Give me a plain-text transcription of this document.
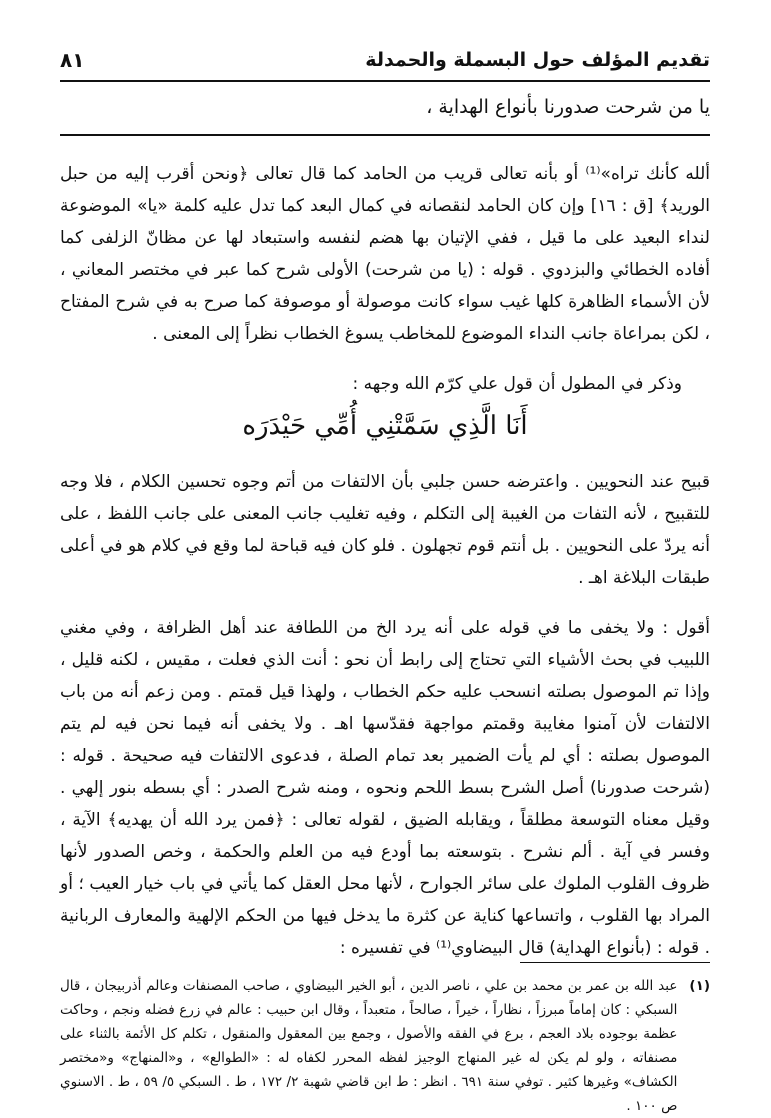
تقديم المؤلف حول البسملة والحمدلة
٨١
يا من شرحت صدورنا بأنواع الهداية ،

ألله كأنك تراه»⁽¹⁾ أو بأنه تعالى قريب من الحامد كما قال تعالى ﴿ونحن أقرب إليه من حبل الوريد﴾ [ق : ١٦] وإن كان الحامد لنقصانه في كمال البعد كما تدل عليه كلمة «يا» الموضوعة لنداء البعيد على ما قيل ، ففي الإتيان بها هضم لنفسه واستبعاد لها عن مظانّ الزلفى كما أفاده الخطائي والبزدوي . قوله : (يا من شرحت) الأولى شرح كما عبر في مختصر المعاني ، لأن الأسماء الظاهرة كلها غيب سواء كانت موصولة أو موصوفة كما صرح به في شرح المفتاح ، لكن بمراعاة جانب النداء الموضوع للمخاطب يسوغ الخطاب نظراً إلى المعنى .

وذكر في المطول أن قول علي كرّم الله وجهه :

أَنَا الَّذِي سَمَّتْنِي أُمِّي حَيْدَرَه

قبيح عند النحويين . واعترضه حسن جلبي بأن الالتفات من أتم وجوه تحسين الكلام ، فلا وجه للتقبيح ، لأنه التفات من الغيبة إلى التكلم ، وفيه تغليب جانب المعنى على جانب اللفظ ، على أنه يردّ على النحويين . بل أنتم قوم تجهلون . فلو كان فيه قباحة لما وقع في كلام هو في أعلى طبقات البلاغة اهـ .

أقول : ولا يخفى ما في قوله على أنه يرد الخ من اللطافة عند أهل الظرافة ، وفي مغني اللبيب في بحث الأشياء التي تحتاج إلى رابط أن نحو : أنت الذي فعلت ، مقيس ، لكنه قليل ، وإذا تم الموصول بصلته انسحب عليه حكم الخطاب ، ولهذا قيل قمتم . ومن زعم أنه من باب الالتفات لأن آمنوا مغايبة وقمتم مواجهة فقدّسها اهـ . ولا يخفى أنه فيما نحن فيه لم يتم الموصول بصلته : أي لم يأت الضمير بعد تمام الصلة ، فدعوى الالتفات فيه صحيحة . قوله : (شرحت صدورنا) أصل الشرح بسط اللحم ونحوه ، ومنه شرح الصدر : أي بسطه بنور إلهي . وقيل معناه التوسعة مطلقاً ، ويقابله الضيق ، لقوله تعالى : ﴿فمن يرد الله أن يهديه﴾ الآية ، وفسر في آية . ألم نشرح . بتوسعته بما أودع فيه من العلم والحكمة ، وخص الصدور لأنها ظروف القلوب الملوك على سائر الجوارح ، لأنها محل العقل كما يأتي في باب خيار العيب ؛ أو المراد بها القلوب ، واتساعها كناية عن كثرة ما يدخل فيها من الحكم الإلهية والمعارف الربانية . قوله : (بأنواع الهداية) قال البيضاوي⁽¹⁾ في تفسيره :

(١)
عبد الله بن عمر بن محمد بن علي ، ناصر الدين ، أبو الخير البيضاوي ، صاحب المصنفات وعالم أذربيجان ، قال السبكي : كان إماماً مبرزاً ، نظاراً ، خيراً ، صالحاً ، متعبداً ، وقال ابن حبيب : عالم في زرع فضله ونجم ، وحاكت عظمة بوجوده بلاد العجم ، برع في الفقه والأصول ، وجمع بين المعقول والمنقول ، تكلم كل الأئمة بالثناء على مصنفاته ، ولو لم يكن له غير المنهاج الوجيز لفظه المحرر لكفاه له : «الطوالع» ، و«المنهاج» و«مختصر الكشاف» وغيرها كثير . توفي سنة ٦٩١ . انظر : ط ابن قاضي شهبة ٢/ ١٧٢ ، ط . السبكي ٥/ ٥٩ ، ط . الاسنوي ص ١٠٠ .
